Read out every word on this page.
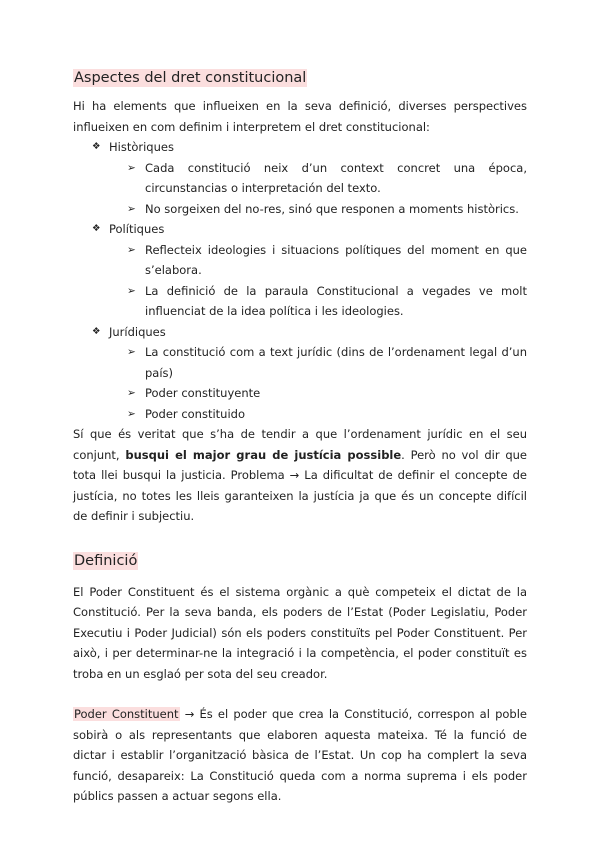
Aspectes del dret constitucional

Hi ha elements que influeixen en la seva definició, diverses perspectives influeixen en com definim i interpretem el dret constitucional:

❖ Històriques
➢ Cada constitució neix d’un context concret una época, circunstancias o interpretación del texto.
➢ No sorgeixen del no-res, sinó que responen a moments històrics.
❖ Polítiques
➢ Reflecteix ideologies i situacions polítiques del moment en que s’elabora.
➢ La definició de la paraula Constitucional a vegades ve molt influenciat de la idea política i les ideologies.
❖ Jurídiques
➢ La constitució com a text jurídic (dins de l’ordenament legal d’un país)
➢ Poder constituyente
➢ Poder constituido

Sí que és veritat que s’ha de tendir a que l’ordenament jurídic en el seu conjunt, busqui el major grau de justícia possible. Però no vol dir que tota llei busqui la justicia. Problema → La dificultat de definir el concepte de justícia, no totes les lleis garanteixen la justícia ja que és un concepte difícil de definir i subjectiu.

Definició

El Poder Constituent és el sistema orgànic a què competeix el dictat de la Constitució. Per la seva banda, els poders de l’Estat (Poder Legislatiu, Poder Executiu i Poder Judicial) són els poders constituïts pel Poder Constituent. Per això, i per determinar-ne la integració i la competència, el poder constituït es troba en un esglaó per sota del seu creador.

Poder Constituent → És el poder que crea la Constitució, correspon al poble sobirà o als representants que elaboren aquesta mateixa. Té la funció de dictar i establir l’organització bàsica de l’Estat. Un cop ha complert la seva funció, desapareix: La Constitució queda com a norma suprema i els poder públics passen a actuar segons ella.
